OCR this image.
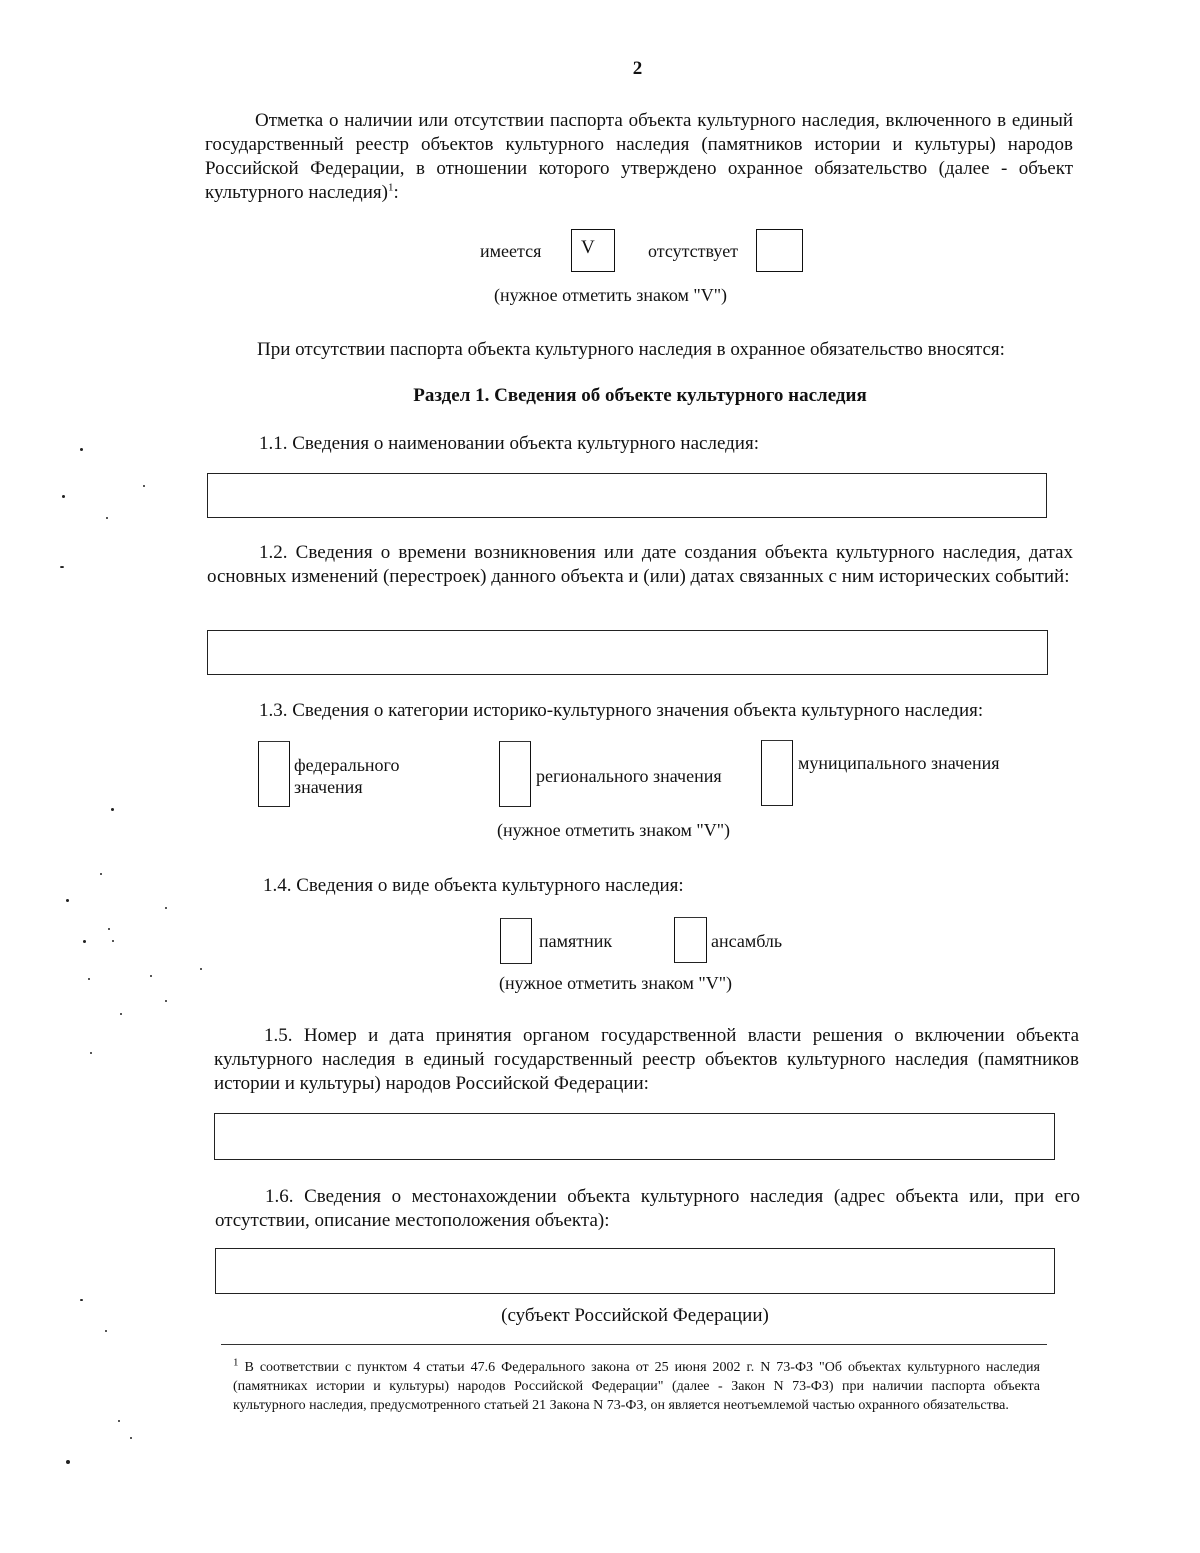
2
Отметка о наличии или отсутствии паспорта объекта культурного наследия, включенного в единый государственный реестр объектов культурного наследия (памятников истории и культуры) народов Российской Федерации, в отношении которого утверждено охранное обязательство (далее - объект культурного наследия)$^1$:
имеется V	отсутствует
(нужное отметить знаком "V")
При отсутствии паспорта объекта культурного наследия в охранное обязательство вносятся:
Раздел 1. Сведения об объекте культурного наследия
1.1. Сведения о наименовании объекта культурного наследия:
1.2. Сведения о времени возникновения или дате создания объекта культурного наследия, датах основных изменений (перестроек) данного объекта и (или) датах связанных с ним исторических событий:
1.3. Сведения о категории историко-культурного значения объекта культурного наследия:
федерального
значения
регионального значения
муниципального значения
(нужное отметить знаком "V")
1.4. Сведения о виде объекта культурного наследия:
памятник	ансамбль
(нужное отметить знаком "V")
1.5. Номер и дата принятия органом государственной власти решения о включении объекта культурного наследия в единый государственный реестр объектов культурного наследия (памятников истории и культуры) народов Российской Федерации:
1.6. Сведения о местонахождении объекта культурного наследия (адрес объекта или, при его отсутствии, описание местоположения объекта):
(субъект Российской Федерации)
$^1$ В соответствии с пунктом 4 статьи 47.6 Федерального закона от 25 июня 2002 г. N 73-ФЗ "Об объектах культурного наследия (памятниках истории и культуры) народов Российской Федерации" (далее - Закон N 73-ФЗ) при наличии паспорта объекта культурного наследия, предусмотренного статьей 21 Закона N 73-ФЗ, он является неотъемлемой частью охранного обязательства.
